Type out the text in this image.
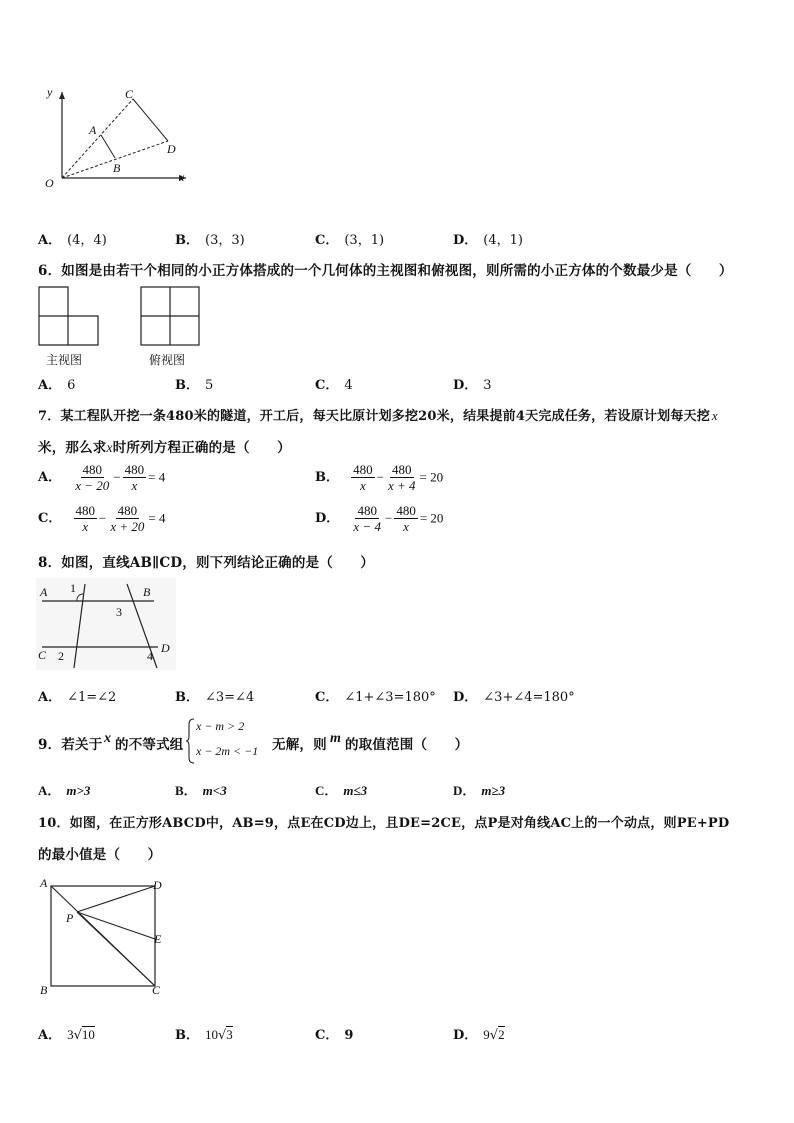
y
x
O
A
B
C
D
A． (4，4)	B． (3，3)	C． (3，1)	D． (4，1)
6．如图是由若干个相同的小正方体搭成的一个几何体的主视图和俯视图，则所需的小正方体的个数最少是（　　）
主视图	俯视图
A． 6	B． 5	C． 4	D． 3
7．某工程队开挖一条480米的隧道，开工后，每天比原计划多挖20米，结果提前4天完成任务，若设原计划每天挖 x
米，那么求x时所列方程正确的是（　　）
A． $\frac{480}{x - 20} - \frac{480}{x} = 4$	B． $\frac{480}{x} - \frac{480}{x + 4} = 20$
C． $\frac{480}{x} - \frac{480}{x + 20} = 4$	D． $\frac{480}{x - 4} - \frac{480}{x} = 20$
8．如图，直线AB∥CD，则下列结论正确的是（　　）
A	B
C	D
1
2
3
4
A． ∠1=∠2	B． ∠3=∠4	C． ∠1+∠3=180° D． ∠3+∠4=180°
9．若关于 x 的不等式组
x − m > 2
x − 2m < −1 无解，则 m 的取值范围（　　）
A． m>3	B． m<3	C． m≤3	D． m≥3
10．如图，在正方形ABCD中，AB=9，点E在CD边上，且DE=2CE，点P是对角线AC上的一个动点，则PE+PD
的最小值是（　　）
A	D
B	C
E
P
A． 3√10	B． 10√3	C． 9	D． 9√2
